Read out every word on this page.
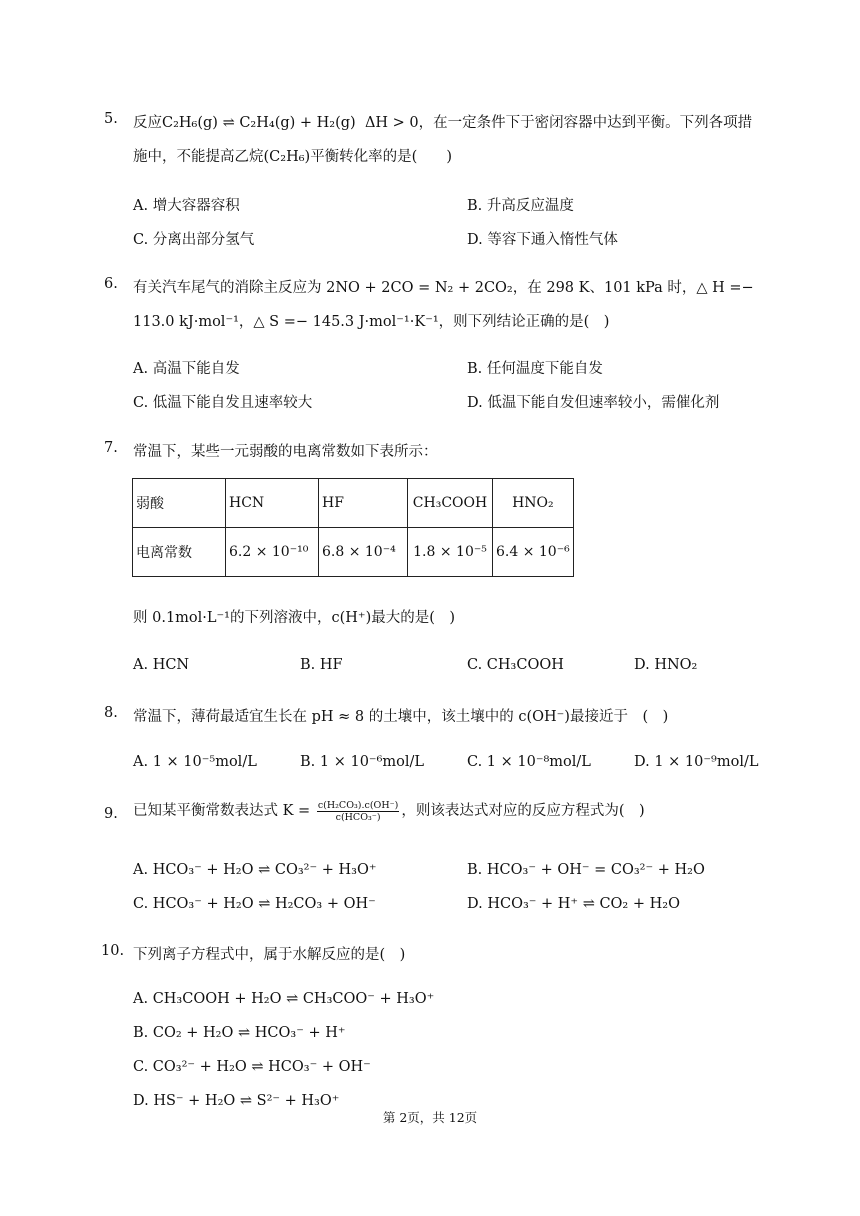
5. 反应C₂H₆(g) ⇌ C₂H₄(g) + H₂(g) ΔH > 0，在一定条件下于密闭容器中达到平衡。下列各项措
施中，不能提高乙烷(C₂H₆)平衡转化率的是(　　)
A. 增大容器容积	B. 升高反应温度
C. 分离出部分氢气	D. 等容下通入惰性气体
6. 有关汽车尾气的消除主反应为 2NO + 2CO = N₂ + 2CO₂，在 298 K、101 kPa 时，△ H =−
113.0 kJ·mol⁻¹，△ S =− 145.3 J·mol⁻¹·K⁻¹，则下列结论正确的是(　)
A. 高温下能自发	B. 任何温度下能自发
C. 低温下能自发且速率较大	D. 低温下能自发但速率较小，需催化剂
7. 常温下，某些一元弱酸的电离常数如下表所示：
弱酸	HCN	HF	CH₃COOH	HNO₂
电离常数	6.2 × 10⁻¹⁰	6.8 × 10⁻⁴	1.8 × 10⁻⁵	6.4 × 10⁻⁶
则 0.1mol·L⁻¹的下列溶液中，c(H⁺)最大的是(　)
A. HCN	B. HF	C. CH₃COOH	D. HNO₂
8. 常温下，薄荷最适宜生长在 pH ≈ 8 的土壤中，该土壤中的 c(OH⁻)最接近于　(　)
A. 1 × 10⁻⁵mol/L	B. 1 × 10⁻⁶mol/L	C. 1 × 10⁻⁸mol/L	D. 1 × 10⁻⁹mol/L
9. 已知某平衡常数表达式 $K = \frac{\text{c(H₂CO₃).c(OH⁻)}}{\text{c(HCO₃⁻)}}$ ，则该表达式对应的反应方程式为(　)
A. HCO₃⁻ + H₂O ⇌ CO₃²⁻ + H₃O⁺	B. HCO₃⁻ + OH⁻ = CO₃²⁻ + H₂O
C. HCO₃⁻ + H₂O ⇌ H₂CO₃ + OH⁻	D. HCO₃⁻ + H⁺ ⇌ CO₂ + H₂O
10. 下列离子方程式中，属于水解反应的是(　)
A. CH₃COOH + H₂O ⇌ CH₃COO⁻ + H₃O⁺
B. CO₂ + H₂O ⇌ HCO₃⁻ + H⁺
C. CO₃²⁻ + H₂O ⇌ HCO₃⁻ + OH⁻
D. HS⁻ + H₂O ⇌ S²⁻ + H₃O⁺
第 2页，共 12页
